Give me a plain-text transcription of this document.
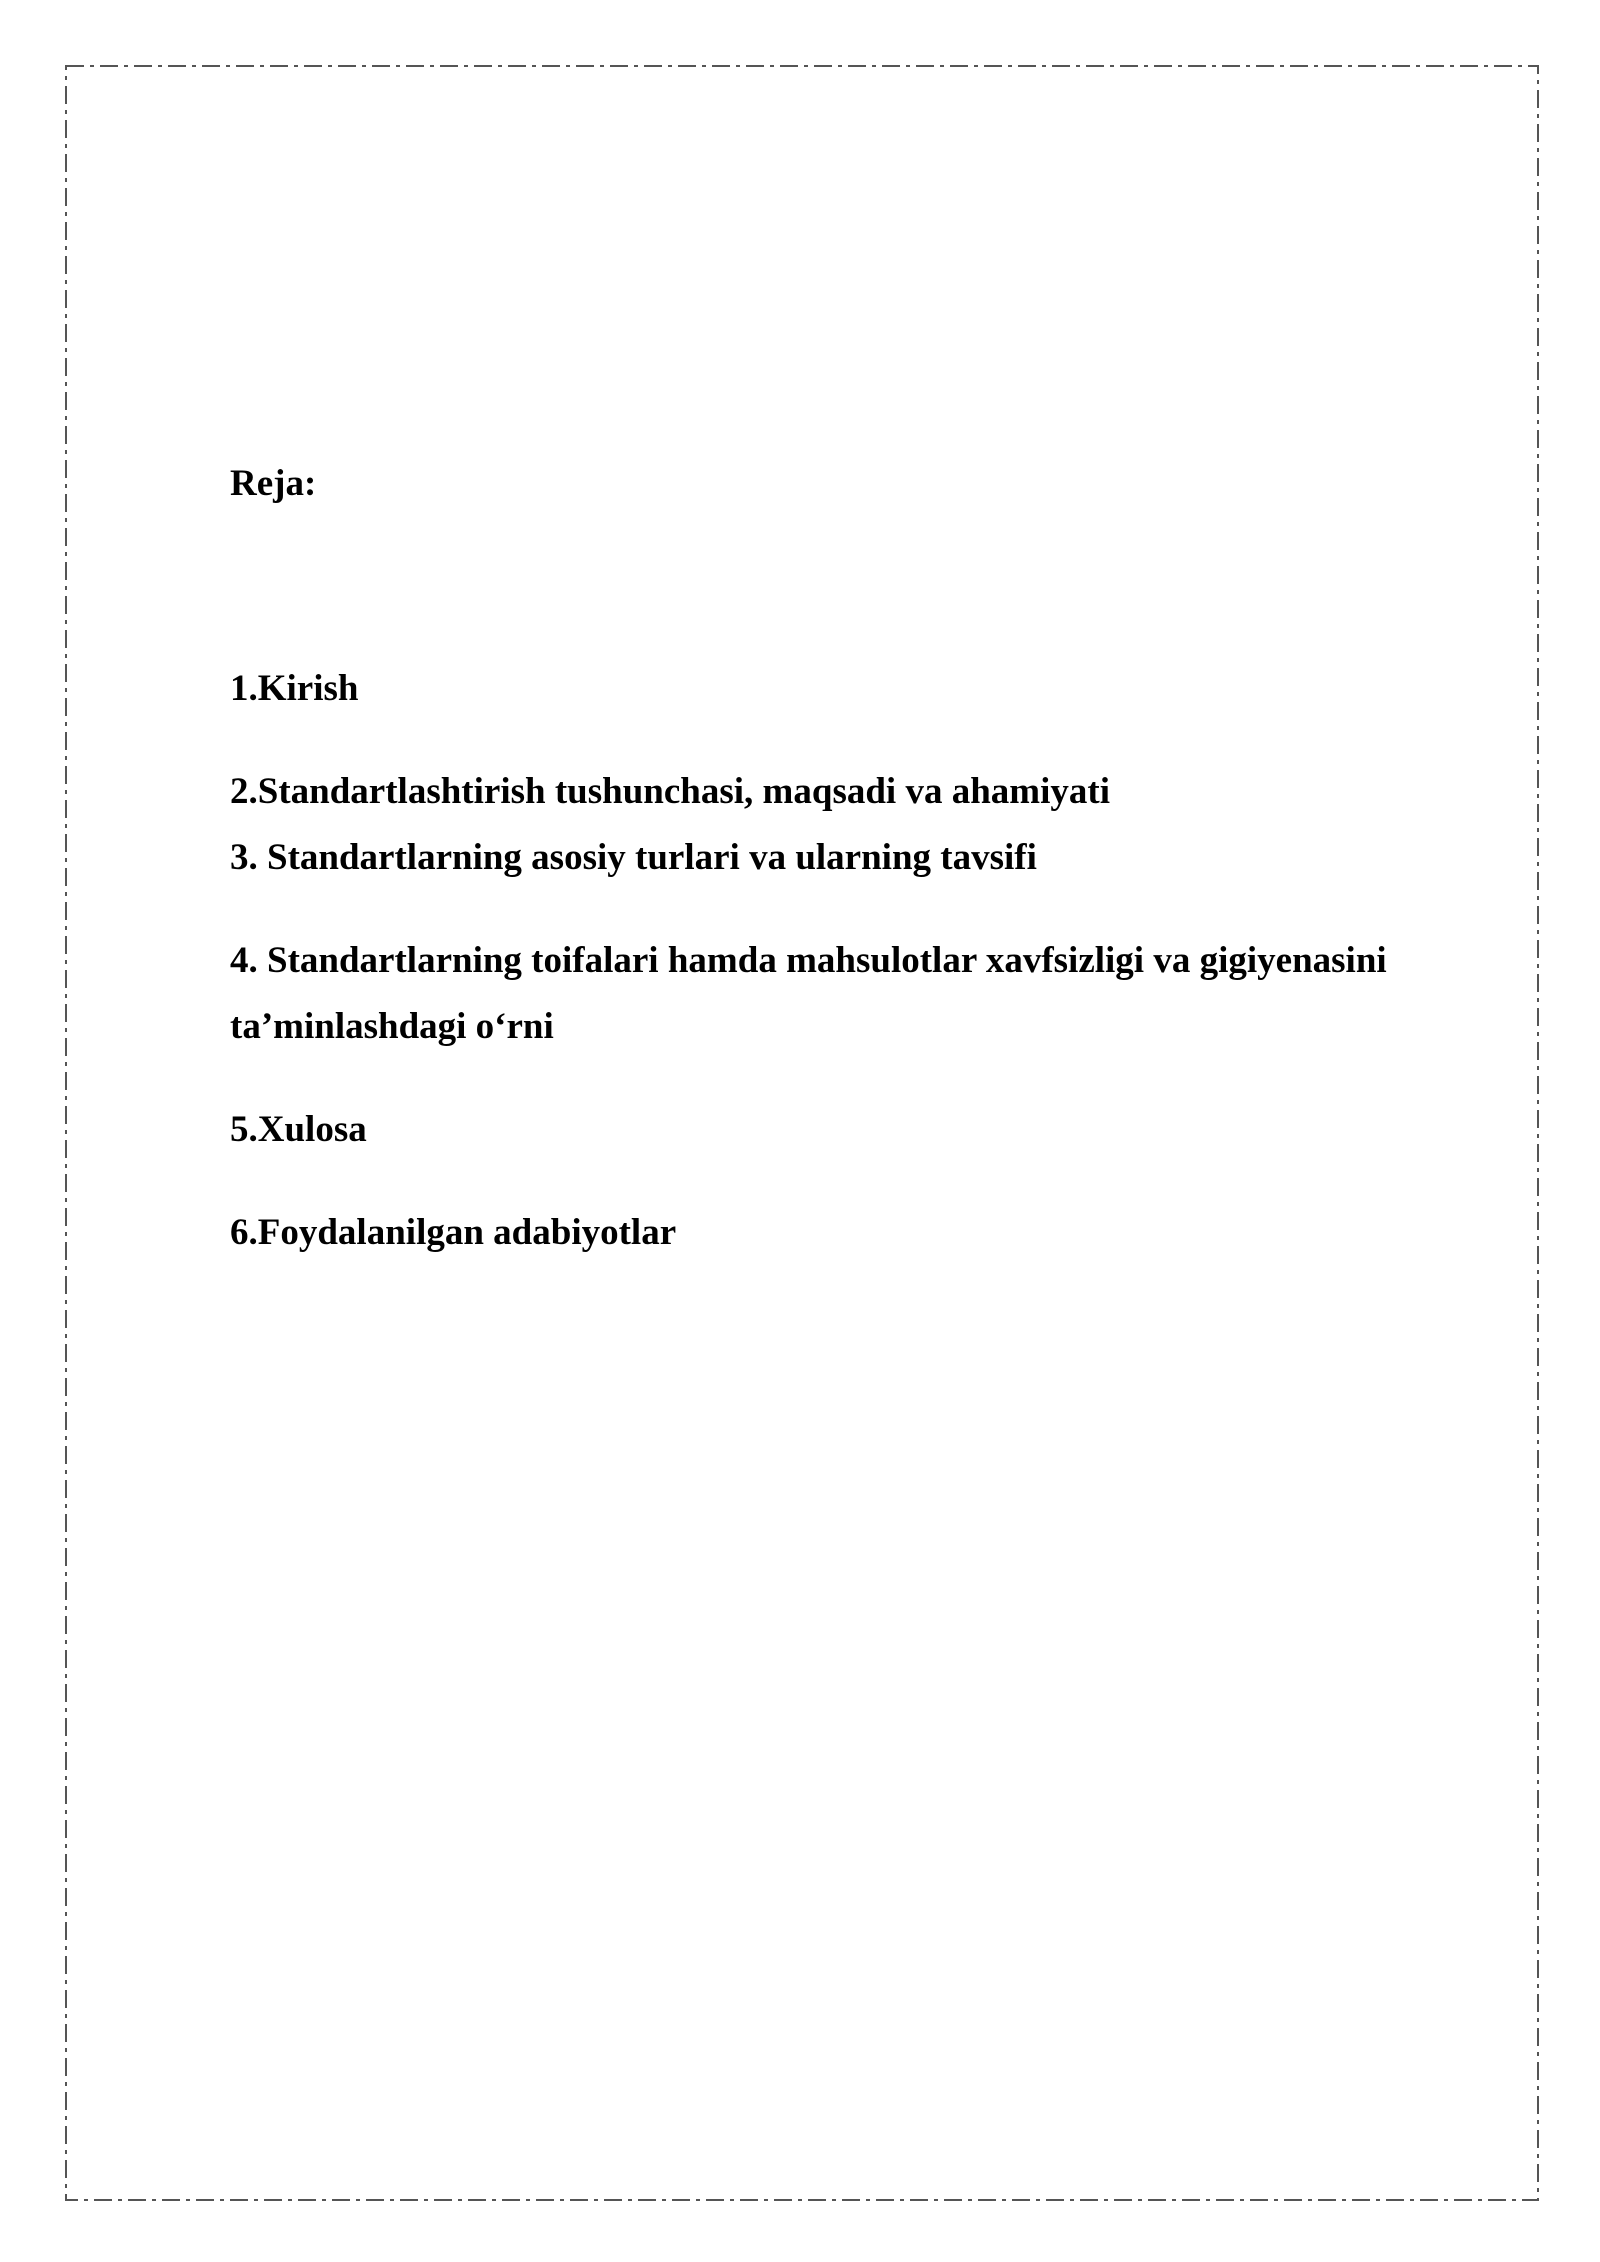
Reja:
1.Kirish
2.Standartlashtirish tushunchasi, maqsadi va ahamiyati
3. Standartlarning asosiy turlari va ularning tavsifi
4. Standartlarning toifalari hamda mahsulotlar xavfsizligi va gigiyenasini
ta’minlashdagi o‘rni
5.Xulosa
6.Foydalanilgan adabiyotlar
